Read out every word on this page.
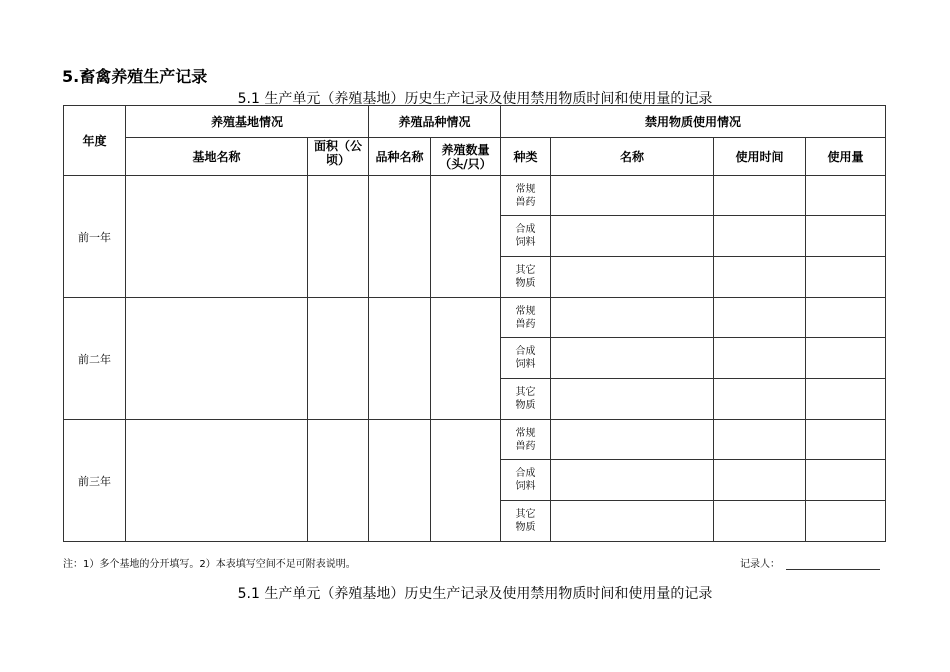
5.畜禽养殖生产记录
5.1 生产单元（养殖基地）历史生产记录及使用禁用物质时间和使用量的记录
年度	养殖基地情况		养殖品种情况		禁用物质使用情况			
	基地名称	面积（公顷）	品种名称	养殖数量（头/只）	种类	名称	使用时间	使用量
前一年					常规兽药			
					合成饲料			
					其它物质			
前二年					常规兽药			
					合成饲料			
					其它物质			
前三年					常规兽药			
					合成饲料			
					其它物质			
注：1）多个基地的分开填写。2）本表填写空间不足可附表说明。	记录人：
5.1 生产单元（养殖基地）历史生产记录及使用禁用物质时间和使用量的记录
